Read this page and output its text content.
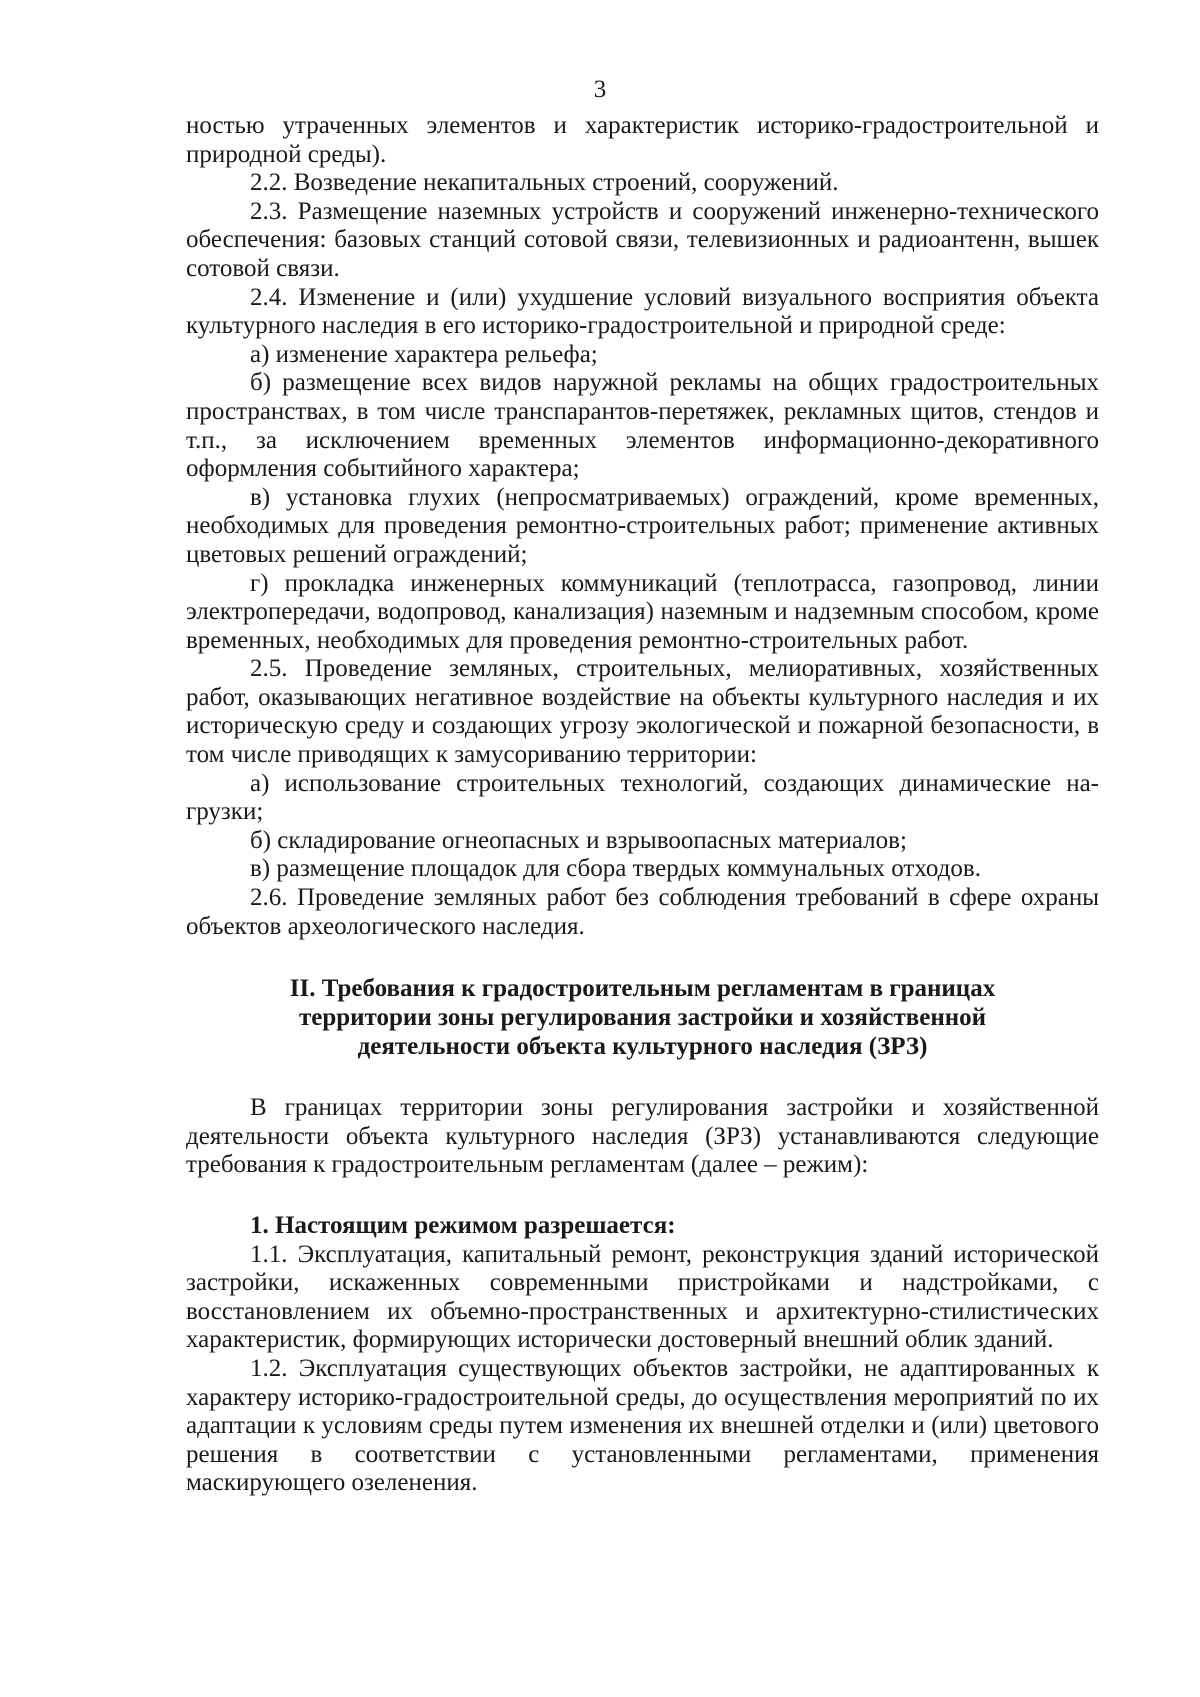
3

ностью утраченных элементов и характеристик историко-градостроительной и природной среды).

2.2. Возведение некапитальных строений, сооружений.

2.3. Размещение наземных устройств и сооружений инженерно-технического обеспечения: базовых станций сотовой связи, телевизионных и радиоантенн, вышек сотовой связи.

2.4. Изменение и (или) ухудшение условий визуального восприятия объекта культурного наследия в его историко-градостроительной и природной среде:

а) изменение характера рельефа;

б) размещение всех видов наружной рекламы на общих градостроительных пространствах, в том числе транспарантов-перетяжек, рекламных щитов, стендов и т.п., за исключением временных элементов информационно-декоративного оформления событийного характера;

в) установка глухих (непросматриваемых) ограждений, кроме временных, необходимых для проведения ремонтно-строительных работ; применение активных цветовых решений ограждений;

г) прокладка инженерных коммуникаций (теплотрасса, газопровод, линии электропередачи, водопровод, канализация) наземным и надземным способом, кроме временных, необходимых для проведения ремонтно-строительных работ.

2.5. Проведение земляных, строительных, мелиоративных, хозяйственных работ, оказывающих негативное воздействие на объекты культурного наследия и их историческую среду и создающих угрозу экологической и пожарной безопасности, в том числе приводящих к замусориванию территории:

а) использование строительных технологий, создающих динамические нагрузки;

б) складирование огнеопасных и взрывоопасных материалов;

в) размещение площадок для сбора твердых коммунальных отходов.

2.6. Проведение земляных работ без соблюдения требований в сфере охраны объектов археологического наследия.

II. Требования к градостроительным регламентам в границах
территории зоны регулирования застройки и хозяйственной
деятельности объекта культурного наследия (ЗРЗ)

В границах территории зоны регулирования застройки и хозяйственной деятельности объекта культурного наследия (ЗРЗ) устанавливаются следующие требования к градостроительным регламентам (далее – режим):

1. Настоящим режимом разрешается:

1.1. Эксплуатация, капитальный ремонт, реконструкция зданий исторической застройки, искаженных современными пристройками и надстройками, с восстановлением их объемно-пространственных и архитектурно-стилистических характеристик, формирующих исторически достоверный внешний облик зданий.

1.2. Эксплуатация существующих объектов застройки, не адаптированных к характеру историко-градостроительной среды, до осуществления мероприятий по их адаптации к условиям среды путем изменения их внешней отделки и (или) цветового решения в соответствии с установленными регламентами, применения маскирующего озеленения.
